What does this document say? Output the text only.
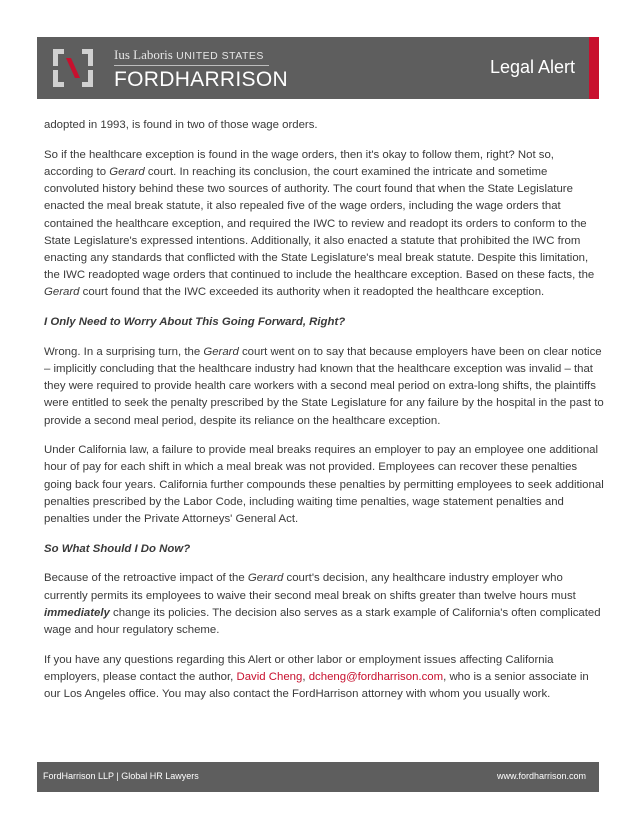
Ius Laboris UNITED STATES
FORDHARRISON
Legal Alert

adopted in 1993, is found in two of those wage orders.

So if the healthcare exception is found in the wage orders, then it's okay to follow them, right? Not so, according to Gerard court. In reaching its conclusion, the court examined the intricate and sometime convoluted history behind these two sources of authority. The court found that when the State Legislature enacted the meal break statute, it also repealed five of the wage orders, including the wage orders that contained the healthcare exception, and required the IWC to review and readopt its orders to conform to the State Legislature's expressed intentions. Additionally, it also enacted a statute that prohibited the IWC from enacting any standards that conflicted with the State Legislature's meal break statute. Despite this limitation, the IWC readopted wage orders that continued to include the healthcare exception. Based on these facts, the Gerard court found that the IWC exceeded its authority when it readopted the healthcare exception.

I Only Need to Worry About This Going Forward, Right?

Wrong. In a surprising turn, the Gerard court went on to say that because employers have been on clear notice – implicitly concluding that the healthcare industry had known that the healthcare exception was invalid – that they were required to provide health care workers with a second meal period on extra-long shifts, the plaintiffs were entitled to seek the penalty prescribed by the State Legislature for any failure by the hospital in the past to provide a second meal period, despite its reliance on the healthcare exception.

Under California law, a failure to provide meal breaks requires an employer to pay an employee one additional hour of pay for each shift in which a meal break was not provided. Employees can recover these penalties going back four years. California further compounds these penalties by permitting employees to seek additional penalties prescribed by the Labor Code, including waiting time penalties, wage statement penalties and penalties under the Private Attorneys' General Act.

So What Should I Do Now?

Because of the retroactive impact of the Gerard court's decision, any healthcare industry employer who currently permits its employees to waive their second meal break on shifts greater than twelve hours must immediately change its policies. The decision also serves as a stark example of California's often complicated wage and hour regulatory scheme.

If you have any questions regarding this Alert or other labor or employment issues affecting California employers, please contact the author, David Cheng, dcheng@fordharrison.com, who is a senior associate in our Los Angeles office. You may also contact the FordHarrison attorney with whom you usually work.

FordHarrison LLP | Global HR Lawyers	www.fordharrison.com
